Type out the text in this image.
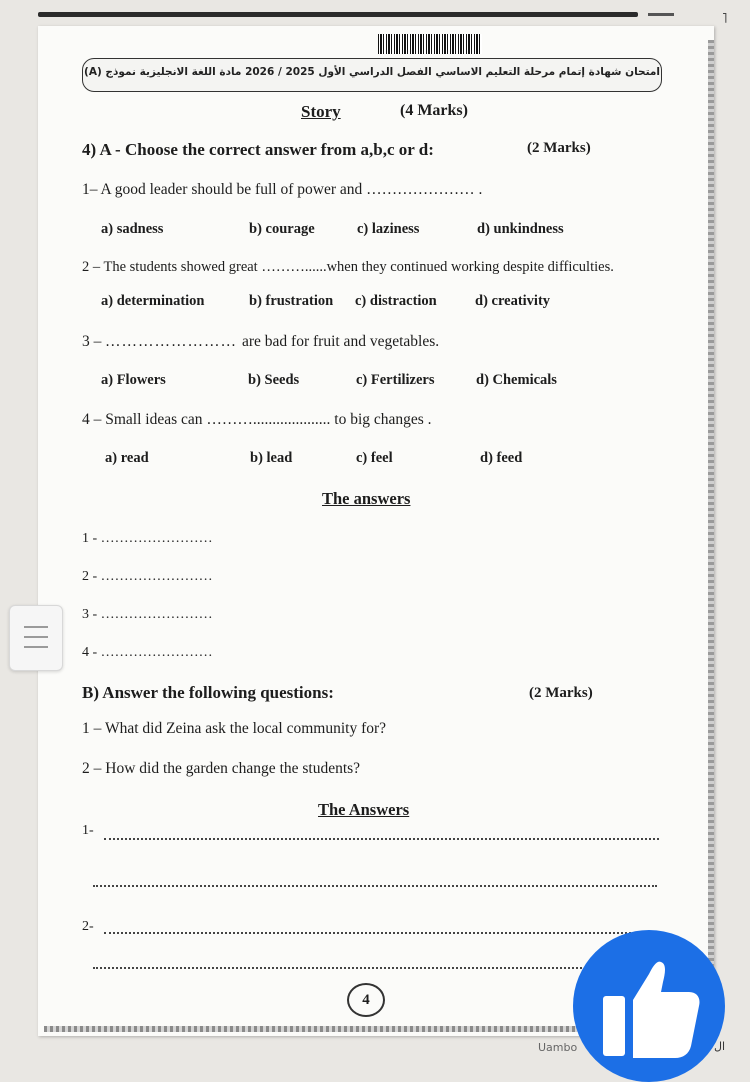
˥
امتحان شهادة إتمام مرحلة التعليم الاساسي الفصل الدراسي الأول 2025 / 2026 مادة اللغة الانجليزية نموذج (A)
Story	(4 Marks)
4) A - Choose the correct answer from a,b,c or d:	(2 Marks)
1– A good leader should be full of power and ………………… .
a) sadness	b) courage	c) laziness	d) unkindness
2 – The students showed great ………......when they continued working despite difficulties.
a) determination	b) frustration c) distraction	d) creativity
3 – …………………… are bad for fruit and vegetables.
a) Flowers	b) Seeds	c) Fertilizers	d) Chemicals
4 – Small ideas can ……….................... to big changes .
a) read	b) lead	c) feel	d) feed
The answers
1 - ……………………
2 - ……………………
3 - ……………………
4 - ……………………
B) Answer the following questions:	(2 Marks)
1 – What did Zeina ask the local community for?
2 – How did the garden change the students?
The Answers
1-
2-
4
Uambo	ال
